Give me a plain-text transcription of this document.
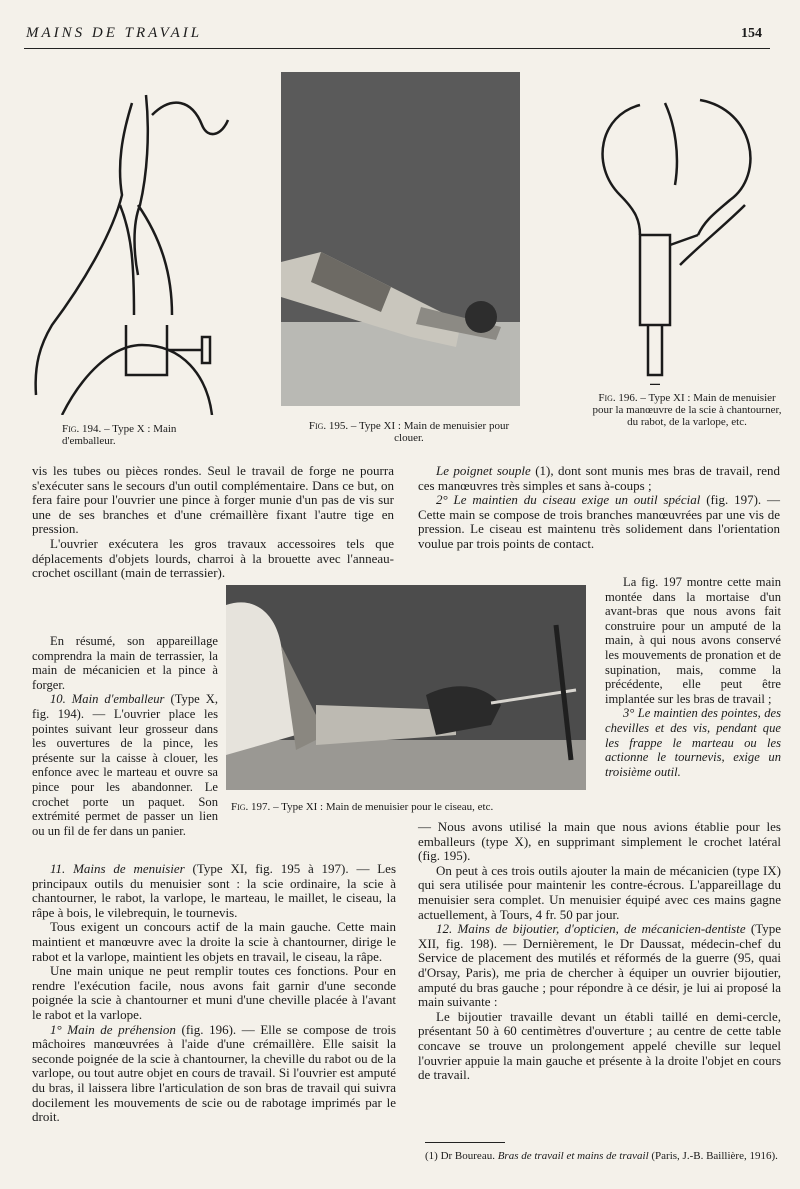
MAINS DE TRAVAIL	154
Fig. 194. – Type X : Main d'emballeur.
Fig. 195. – Type XI : Main de menuisier pour clouer.
Fig. 196. – Type XI : Main de menuisier pour la manœuvre de la scie à chantourner, du rabot, de la varlope, etc.
Fig. 197. – Type XI : Main de menuisier pour le ciseau, etc.

vis les tubes ou pièces rondes. Seul le travail de forge ne pourra s'exécuter sans le secours d'un outil complémentaire. Dans ce but, on fera faire pour l'ouvrier une pince à forger munie d'un pas de vis sur une de ses branches et d'une crémaillère fixant l'autre tige en pression.

L'ouvrier exécutera les gros travaux accessoires tels que déplacements d'objets lourds, charroi à la brouette avec l'anneau-crochet oscillant (main de terrassier).

En résumé, son appareillage comprendra la main de terrassier, la main de mécanicien et la pince à forger.

10. Main d'emballeur (Type X, fig. 194). — L'ouvrier place les pointes suivant leur grosseur dans les ouvertures de la pince, les présente sur la caisse à clouer, les enfonce avec le marteau et ouvre sa pince pour les abandonner. Le crochet porte un paquet. Son extrémité permet de passer un lien ou un fil de fer dans un panier.

11. Mains de menuisier (Type XI, fig. 195 à 197). — Les principaux outils du menuisier sont : la scie ordinaire, la scie à chantourner, le rabot, la varlope, le marteau, le maillet, le ciseau, la râpe à bois, le vilebrequin, le tournevis.

Tous exigent un concours actif de la main gauche. Cette main maintient et manœuvre avec la droite la scie à chantourner, dirige le rabot et la varlope, maintient les objets en travail, le ciseau, la râpe.

Une main unique ne peut remplir toutes ces fonctions. Pour en rendre l'exécution facile, nous avons fait garnir d'une seconde poignée la scie à chantourner et muni d'une cheville placée à l'avant le rabot et la varlope.

1° Main de préhension (fig. 196). — Elle se compose de trois mâchoires manœuvrées à l'aide d'une crémaillère. Elle saisit la seconde poignée de la scie à chantourner, la cheville du rabot ou de la varlope, ou tout autre objet en cours de travail. Si l'ouvrier est amputé du bras, il laissera libre l'articulation de son bras de travail qui suivra docilement les mouvements de scie ou de rabotage imprimés par le droit.

Le poignet souple (1), dont sont munis mes bras de travail, rend ces manœuvres très simples et sans à-coups ;

2° Le maintien du ciseau exige un outil spécial (fig. 197). — Cette main se compose de trois branches manœuvrées par une vis de pression. Le ciseau est maintenu très solidement dans l'orientation voulue par trois points de contact.

La fig. 197 montre cette main montée dans la mortaise d'un avant-bras que nous avons fait construire pour un amputé de la main, à qui nous avons conservé les mouvements de pronation et de supination, mais, comme la précédente, elle peut être implantée sur les bras de travail ;

3° Le maintien des pointes, des chevilles et des vis, pendant que les frappe le marteau ou les actionne le tournevis, exige un troisième outil.

— Nous avons utilisé la main que nous avions établie pour les emballeurs (type X), en supprimant simplement le crochet latéral (fig. 195).

On peut à ces trois outils ajouter la main de mécanicien (type IX) qui sera utilisée pour maintenir les contre-écrous. L'appareillage du menuisier sera complet. Un menuisier équipé avec ces mains gagne actuellement, à Tours, 4 fr. 50 par jour.

12. Mains de bijoutier, d'opticien, de mécanicien-dentiste (Type XII, fig. 198). — Dernièrement, le Dr Daussat, médecin-chef du Service de placement des mutilés et réformés de la guerre (95, quai d'Orsay, Paris), me pria de chercher à équiper un ouvrier bijoutier, amputé du bras gauche ; pour répondre à ce désir, je lui ai proposé la main suivante :

Le bijoutier travaille devant un établi taillé en demi-cercle, présentant 50 à 60 centimètres d'ouverture ; au centre de cette table concave se trouve un prolongement appelé cheville sur lequel l'ouvrier appuie la main gauche et présente à la droite l'objet en cours de travail.

(1) Dr Boureau. Bras de travail et mains de travail (Paris, J.-B. Baillière, 1916).
